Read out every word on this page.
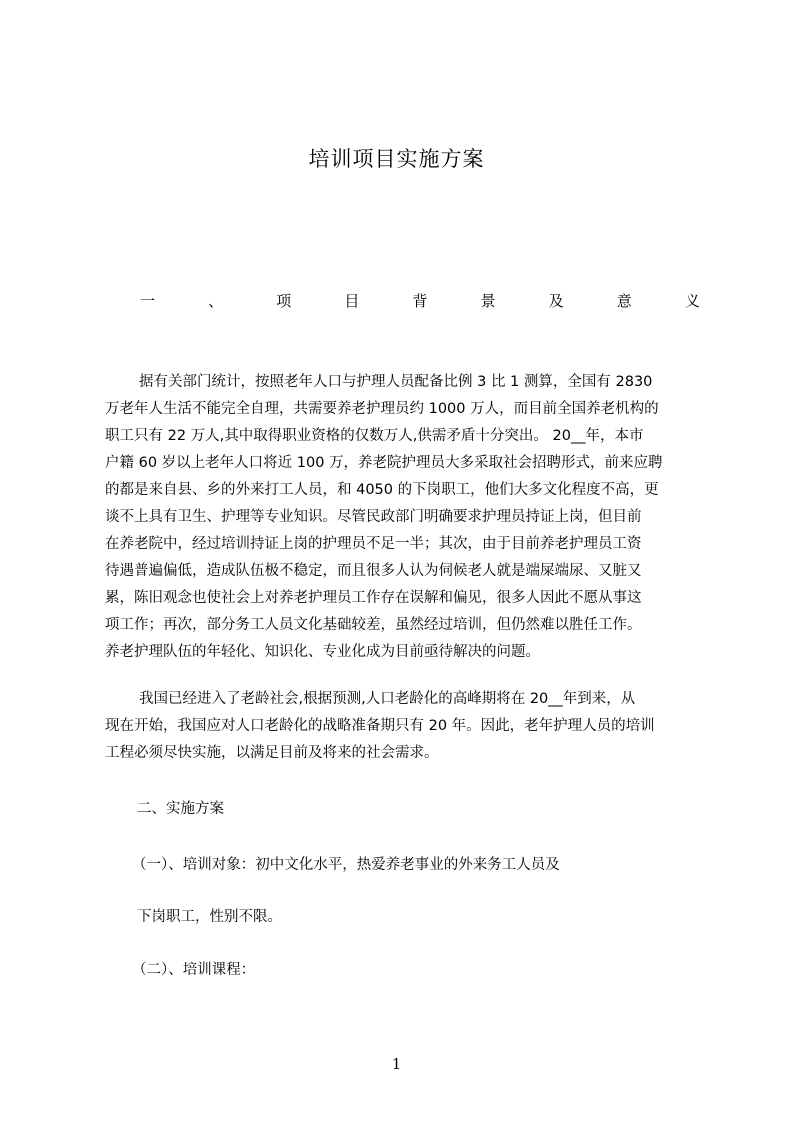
培训项目实施方案
一	、	项	目	背	景	及	意	义
据有关部门统计，按照老年人口与护理人员配备比例 3 比 1 测算，全国有 2830
万老年人生活不能完全自理，共需要养老护理员约 1000 万人，而目前全国养老机构的
职工只有 22 万人,其中取得职业资格的仅数万人,供需矛盾十分突出。 20__年，本市
户籍 60 岁以上老年人口将近 100 万，养老院护理员大多采取社会招聘形式，前来应聘
的都是来自县、乡的外来打工人员，和 4050 的下岗职工，他们大多文化程度不高，更
谈不上具有卫生、护理等专业知识。尽管民政部门明确要求护理员持证上岗，但目前
在养老院中，经过培训持证上岗的护理员不足一半；其次，由于目前养老护理员工资
待遇普遍偏低，造成队伍极不稳定，而且很多人认为伺候老人就是端屎端尿、又脏又
累，陈旧观念也使社会上对养老护理员工作存在误解和偏见，很多人因此不愿从事这
项工作；再次，部分务工人员文化基础较差，虽然经过培训，但仍然难以胜任工作。
养老护理队伍的年轻化、知识化、专业化成为目前亟待解决的问题。
我国已经进入了老龄社会,根据预测,人口老龄化的高峰期将在 20__年到来，从
现在开始，我国应对人口老龄化的战略准备期只有 20 年。因此，老年护理人员的培训
工程必须尽快实施，以满足目前及将来的社会需求。
二、实施方案
（一）、培训对象：初中文化水平，热爱养老事业的外来务工人员及
下岗职工，性别不限。
（二）、培训课程：
1
